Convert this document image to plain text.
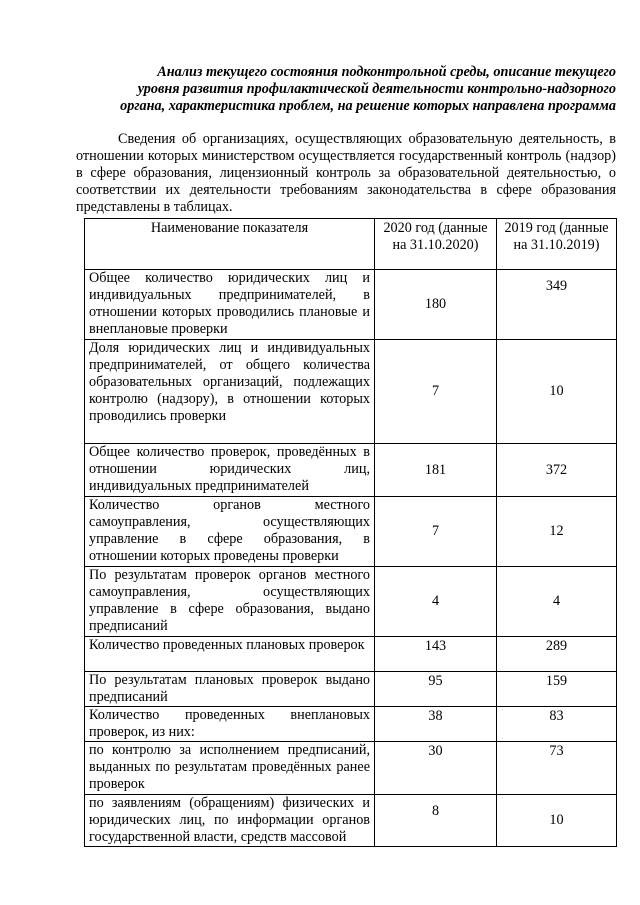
Анализ текущего состояния подконтрольной среды, описание текущего
уровня развития профилактической деятельности контрольно-надзорного
органа, характеристика проблем, на решение которых направлена программа
Сведения об организациях, осуществляющих образовательную деятельность, в отношении которых министерством осуществляется государственный контроль (надзор) в сфере образования, лицензионный контроль за образовательной деятельностью, о соответствии их деятельности требованиям законодательства в сфере образования представлены в таблицах.
Наименование показателя	2020 год (данные на 31.10.2020)	2019 год (данные на 31.10.2019)
Общее количество юридических лиц и индивидуальных предпринимателей, в отношении которых проводились плановые и внеплановые проверки	180	349
Доля юридических лиц и индивидуальных предпринимателей, от общего количества образовательных организаций, подлежащих контролю (надзору), в отношении которых проводились проверки	7	10
Общее количество проверок, проведённых в отношении юридических лиц, индивидуальных предпринимателей	181	372
Количество органов местного самоуправления, осуществляющих управление в сфере образования, в отношении которых проведены проверки	7	12
По результатам проверок органов местного самоуправления, осуществляющих управление в сфере образования, выдано предписаний	4	4
Количество проведенных плановых проверок	143	289
По результатам плановых проверок выдано предписаний	95	159
Количество проведенных внеплановых проверок, из них:	38	83
по контролю за исполнением предписаний, выданных по результатам проведённых ранее проверок	30	73
по заявлениям (обращениям) физических и юридических лиц, по информации органов государственной власти, средств массовой	8	10
